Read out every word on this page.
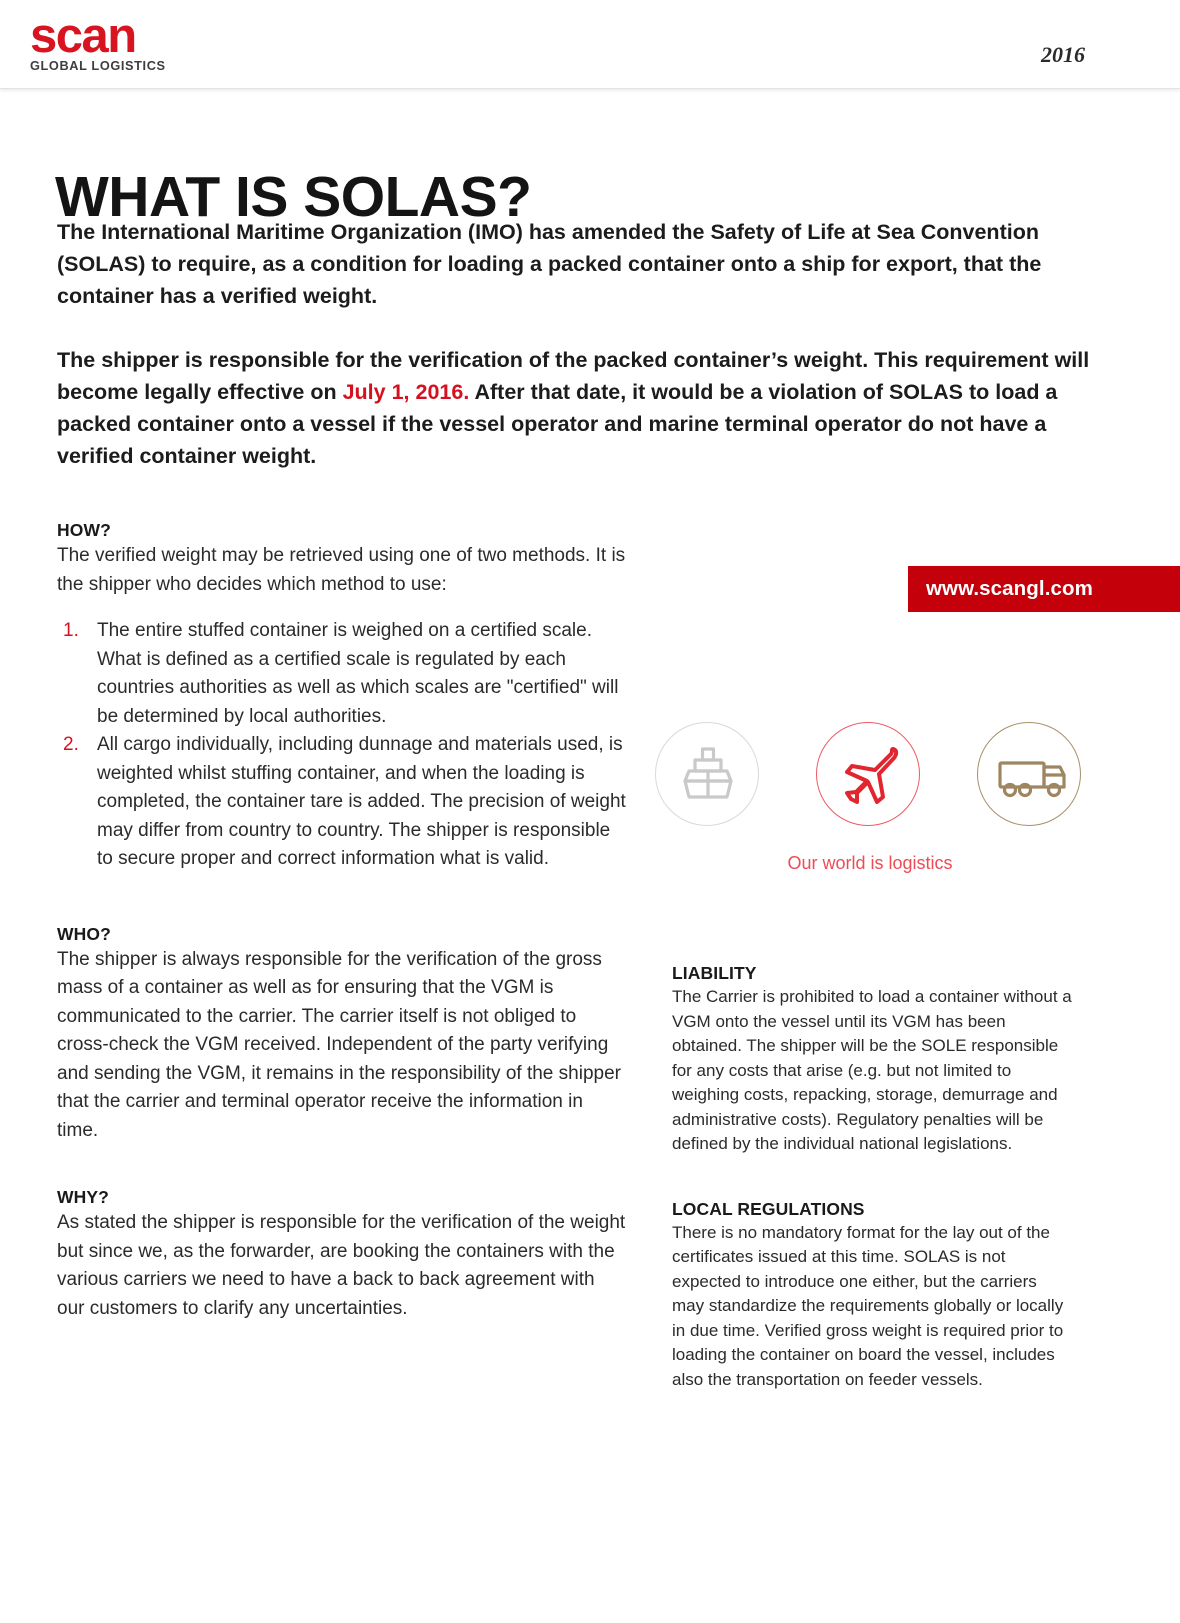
scan
GLOBAL LOGISTICS	2016
WHAT IS SOLAS?

The International Maritime Organization (IMO) has amended the Safety of Life at Sea Convention (SOLAS) to require, as a condition for loading a packed container onto a ship for export, that the container has a verified weight.

The shipper is responsible for the verification of the packed container’s weight. This requirement will become legally effective on July 1, 2016. After that date, it would be a violation of SOLAS to load a packed container onto a vessel if the vessel operator and marine terminal operator do not have a verified container weight.

HOW?

The verified weight may be retrieved using one of two methods. It is the shipper who decides which method to use:

1. The entire stuffed container is weighed on a certified scale. What is defined as a certified scale is regulated by each countries authorities as well as which scales are "certified" will be determined by local authorities.
2. All cargo individually, including dunnage and materials used, is weighted whilst stuffing container, and when the loading is completed, the container tare is added. The precision of weight may differ from country to country. The shipper is responsible to secure proper and correct information what is valid.
WHO?

The shipper is always responsible for the verification of the gross mass of a container as well as for ensuring that the VGM is communicated to the carrier. The carrier itself is not obliged to cross-check the VGM received. Independent of the party verifying and sending the VGM, it remains in the responsibility of the shipper that the carrier and terminal operator receive the information in time.

WHY?

As stated the shipper is responsible for the verification of the weight but since we, as the forwarder, are booking the containers with the various carriers we need to have a back to back agreement with our customers to clarify any uncertainties.

www.scangl.com
Our world is logistics
LIABILITY

The Carrier is prohibited to load a container without a VGM onto the vessel until its VGM has been obtained. The shipper will be the SOLE responsible for any costs that arise (e.g. but not limited to weighing costs, repacking, storage, demurrage and administrative costs). Regulatory penalties will be defined by the individual national legislations.

LOCAL REGULATIONS

There is no mandatory format for the lay out of the certificates issued at this time. SOLAS is not expected to introduce one either, but the carriers may standardize the requirements globally or locally in due time. Verified gross weight is required prior to loading the container on board the vessel, includes also the transportation on feeder vessels.
